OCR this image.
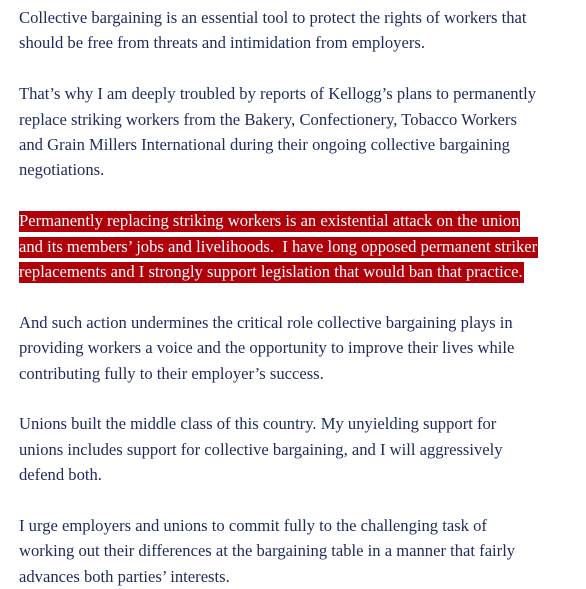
Collective bargaining is an essential tool to protect the rights of workers that
should be free from threats and intimidation from employers.

That’s why I am deeply troubled by reports of Kellogg’s plans to permanently
replace striking workers from the Bakery, Confectionery, Tobacco Workers
and Grain Millers International during their ongoing collective bargaining
negotiations.

Permanently replacing striking workers is an existential attack on the union
and its members’ jobs and livelihoods.  I have long opposed permanent striker
replacements and I strongly support legislation that would ban that practice.

And such action undermines the critical role collective bargaining plays in
providing workers a voice and the opportunity to improve their lives while
contributing fully to their employer’s success.

Unions built the middle class of this country. My unyielding support for
unions includes support for collective bargaining, and I will aggressively
defend both.

I urge employers and unions to commit fully to the challenging task of
working out their differences at the bargaining table in a manner that fairly
advances both parties’ interests.
